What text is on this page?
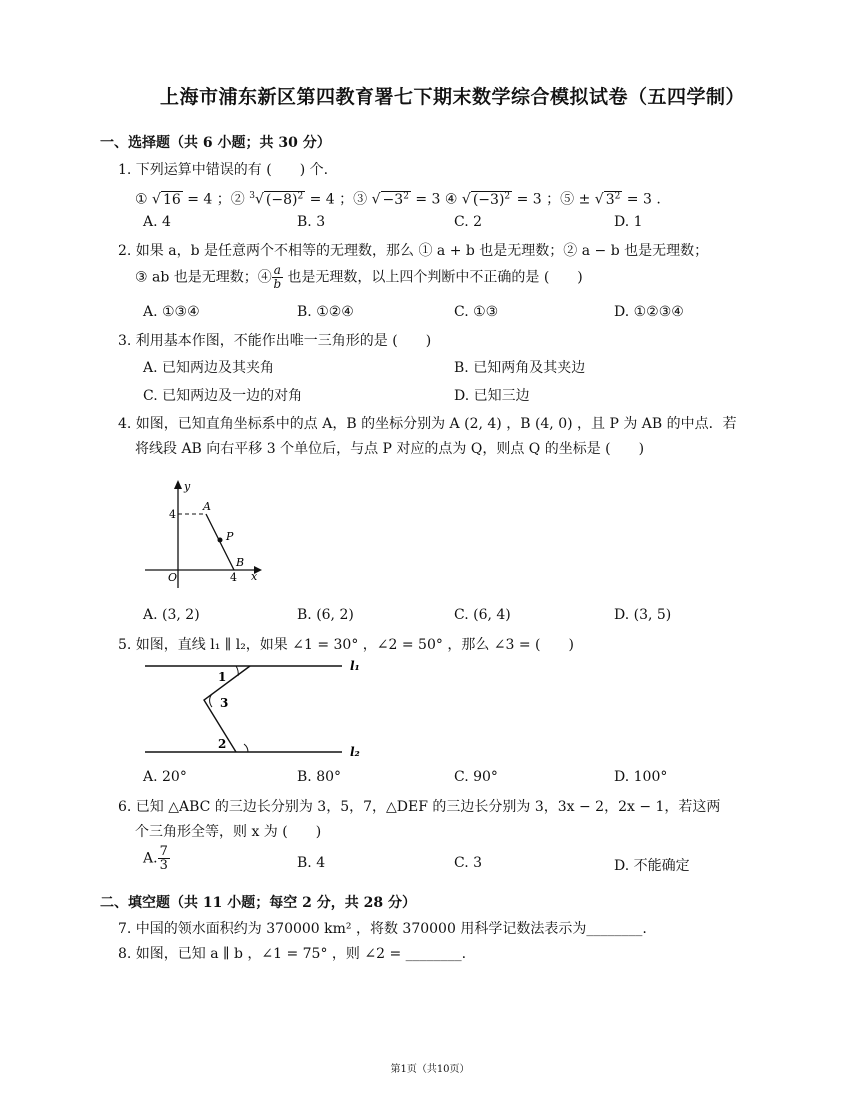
上海市浦东新区第四教育署七下期末数学综合模拟试卷（五四学制）
一、选择题（共 6 小题；共 30 分）
1. 下列运算中错误的有 (　　) 个.
① √ 16 = 4 ；② $^3$√ $(-8)^2 = 4$ ；③ √ $-3^2 = 3$ ④ √ $(-3)^2 = 3$ ；⑤ ± √ $3^2 = 3$ .
A. 4	B. 3	C. 2	D. 1
2. 如果 a，b 是任意两个不相等的无理数，那么 ① a + b 也是无理数；② a − b 也是无理数；
③ ab 也是无理数；④ $\frac{a}{b}$ 也是无理数，以上四个判断中不正确的是 (　　)
A. ①③④	B. ①②④	C. ①③	D. ①②③④
3. 利用基本作图，不能作出唯一三角形的是 (　　)
A. 已知两边及其夹角	B. 已知两角及其夹边
C. 已知两边及一边的对角	D. 已知三边
4. 如图，已知直角坐标系中的点 A，B 的坐标分别为 A (2, 4) ，B (4, 0) ，且 P 为 AB 的中点．若
将线段 AB 向右平移 3 个单位后，与点 P 对应的点为 Q，则点 Q 的坐标是 (　　)
y
x
O
4
4
A
B
P
A. (3, 2)	B. (6, 2)	C. (6, 4)	D. (3, 5)
5. 如图，直线 l₁ ∥ l₂，如果 ∠1 = 30° ，∠2 = 50° ，那么 ∠3 = (　　)
l₁
l₂
1
3
2
A. 20°	B. 80°	C. 90°	D. 100°
6. 已知 △ABC 的三边长分别为 3，5，7，△DEF 的三边长分别为 3，3x − 2，2x − 1，若这两
个三角形全等，则 x 为 (　　)
A. $\frac{7}{3}$	B. 4	C. 3	D. 不能确定
二、填空题（共 11 小题；每空 2 分，共 28 分）
7. 中国的领水面积约为 370000 km² ，将数 370000 用科学记数法表示为________.
8. 如图，已知 a ∥ b ，∠1 = 75° ，则 ∠2 = ________.
第1页（共10页）
